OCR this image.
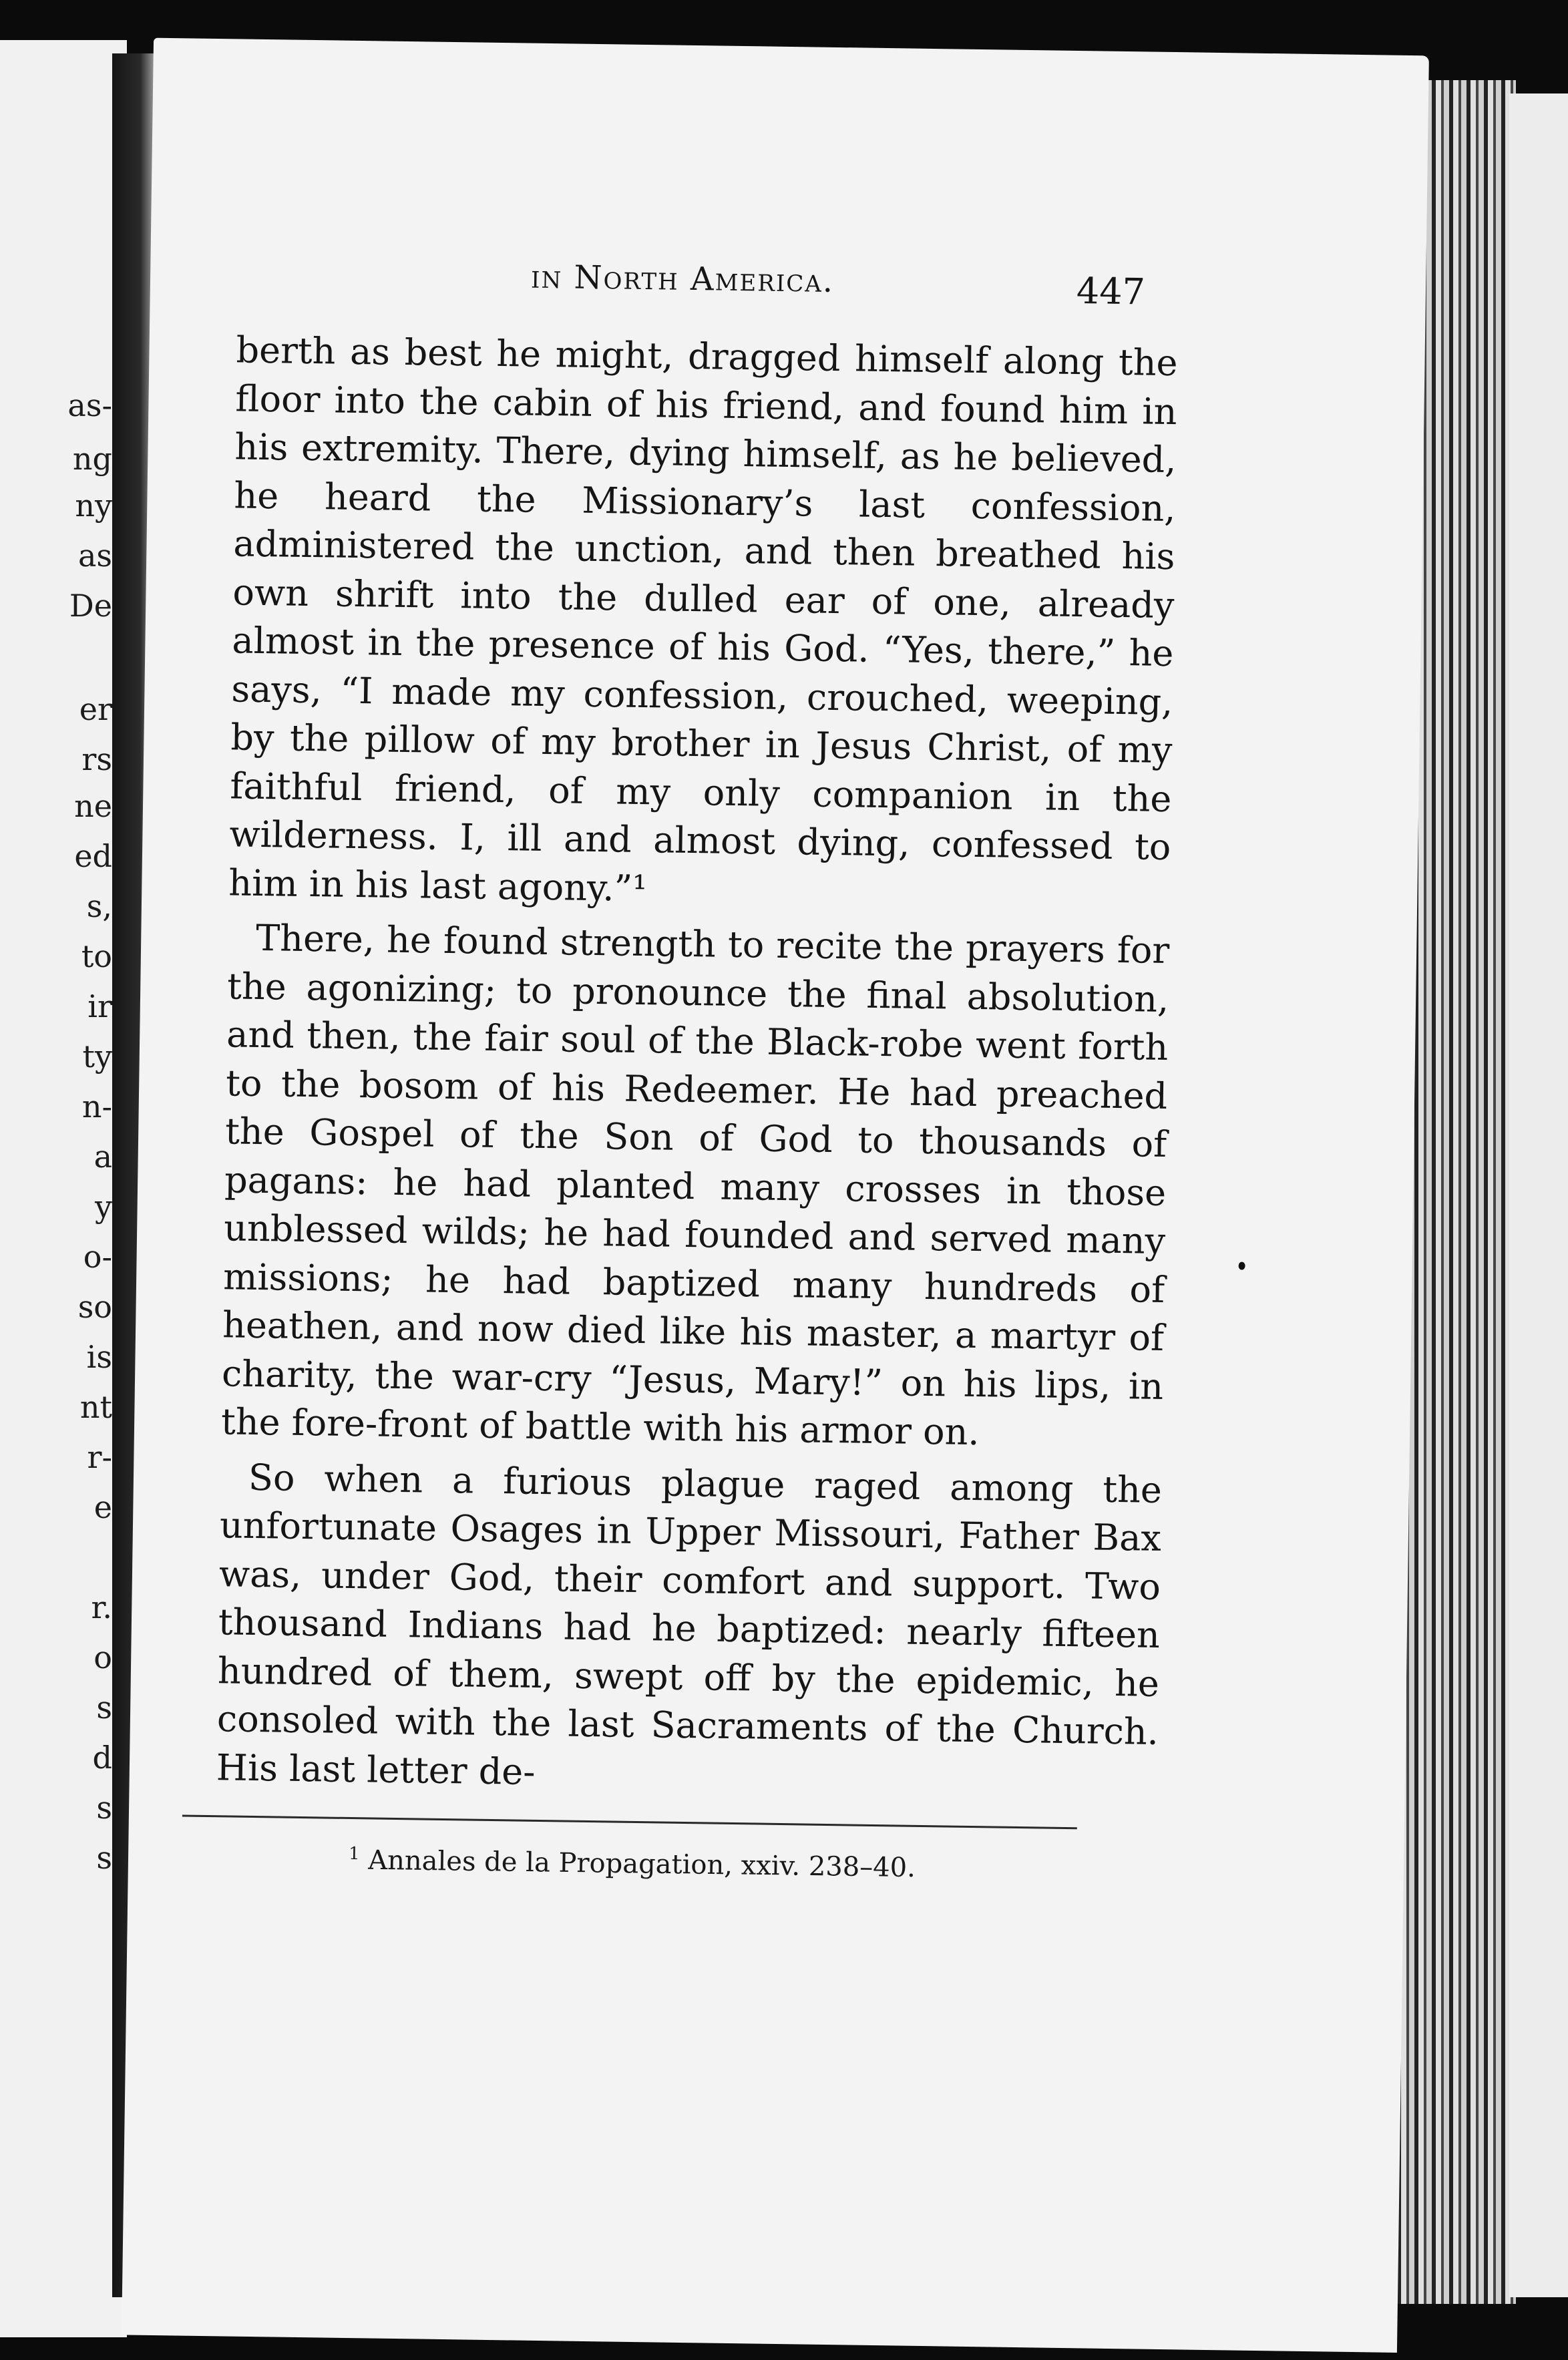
as-
ng
ny
as
De
er
rs
ne
ed
s,
to
ir
ty
n-
a
y
o-
so
is
nt
r-
e
r.
o
s
d
s
s
in North America.	447

berth as best he might, dragged himself along the floor into the cabin of his friend, and found him in his extremity. There, dying himself, as he believed, he heard the Missionary’s last confession, administered the unction, and then breathed his own shrift into the dulled ear of one, already almost in the presence of his God. “Yes, there,” he says, “I made my confession, crouched, weeping, by the pillow of my brother in Jesus Christ, of my faithful friend, of my only companion in the wilderness. I, ill and almost dying, confessed to him in his last agony.”¹

There, he found strength to recite the prayers for the agonizing; to pronounce the final absolution, and then, the fair soul of the Black-robe went forth to the bosom of his Redeemer. He had preached the Gospel of the Son of God to thousands of pagans: he had planted many crosses in those unblessed wilds; he had founded and served many missions; he had baptized many hundreds of heathen, and now died like his master, a martyr of charity, the war-cry “Jesus, Mary!” on his lips, in the fore-front of battle with his armor on.

So when a furious plague raged among the unfortunate Osages in Upper Missouri, Father Bax was, under God, their comfort and support. Two thousand Indians had he baptized: nearly fifteen hundred of them, swept off by the epidemic, he consoled with the last Sacraments of the Church. His last letter de-

$^1$ Annales de la Propagation, xxiv. 238–40.
